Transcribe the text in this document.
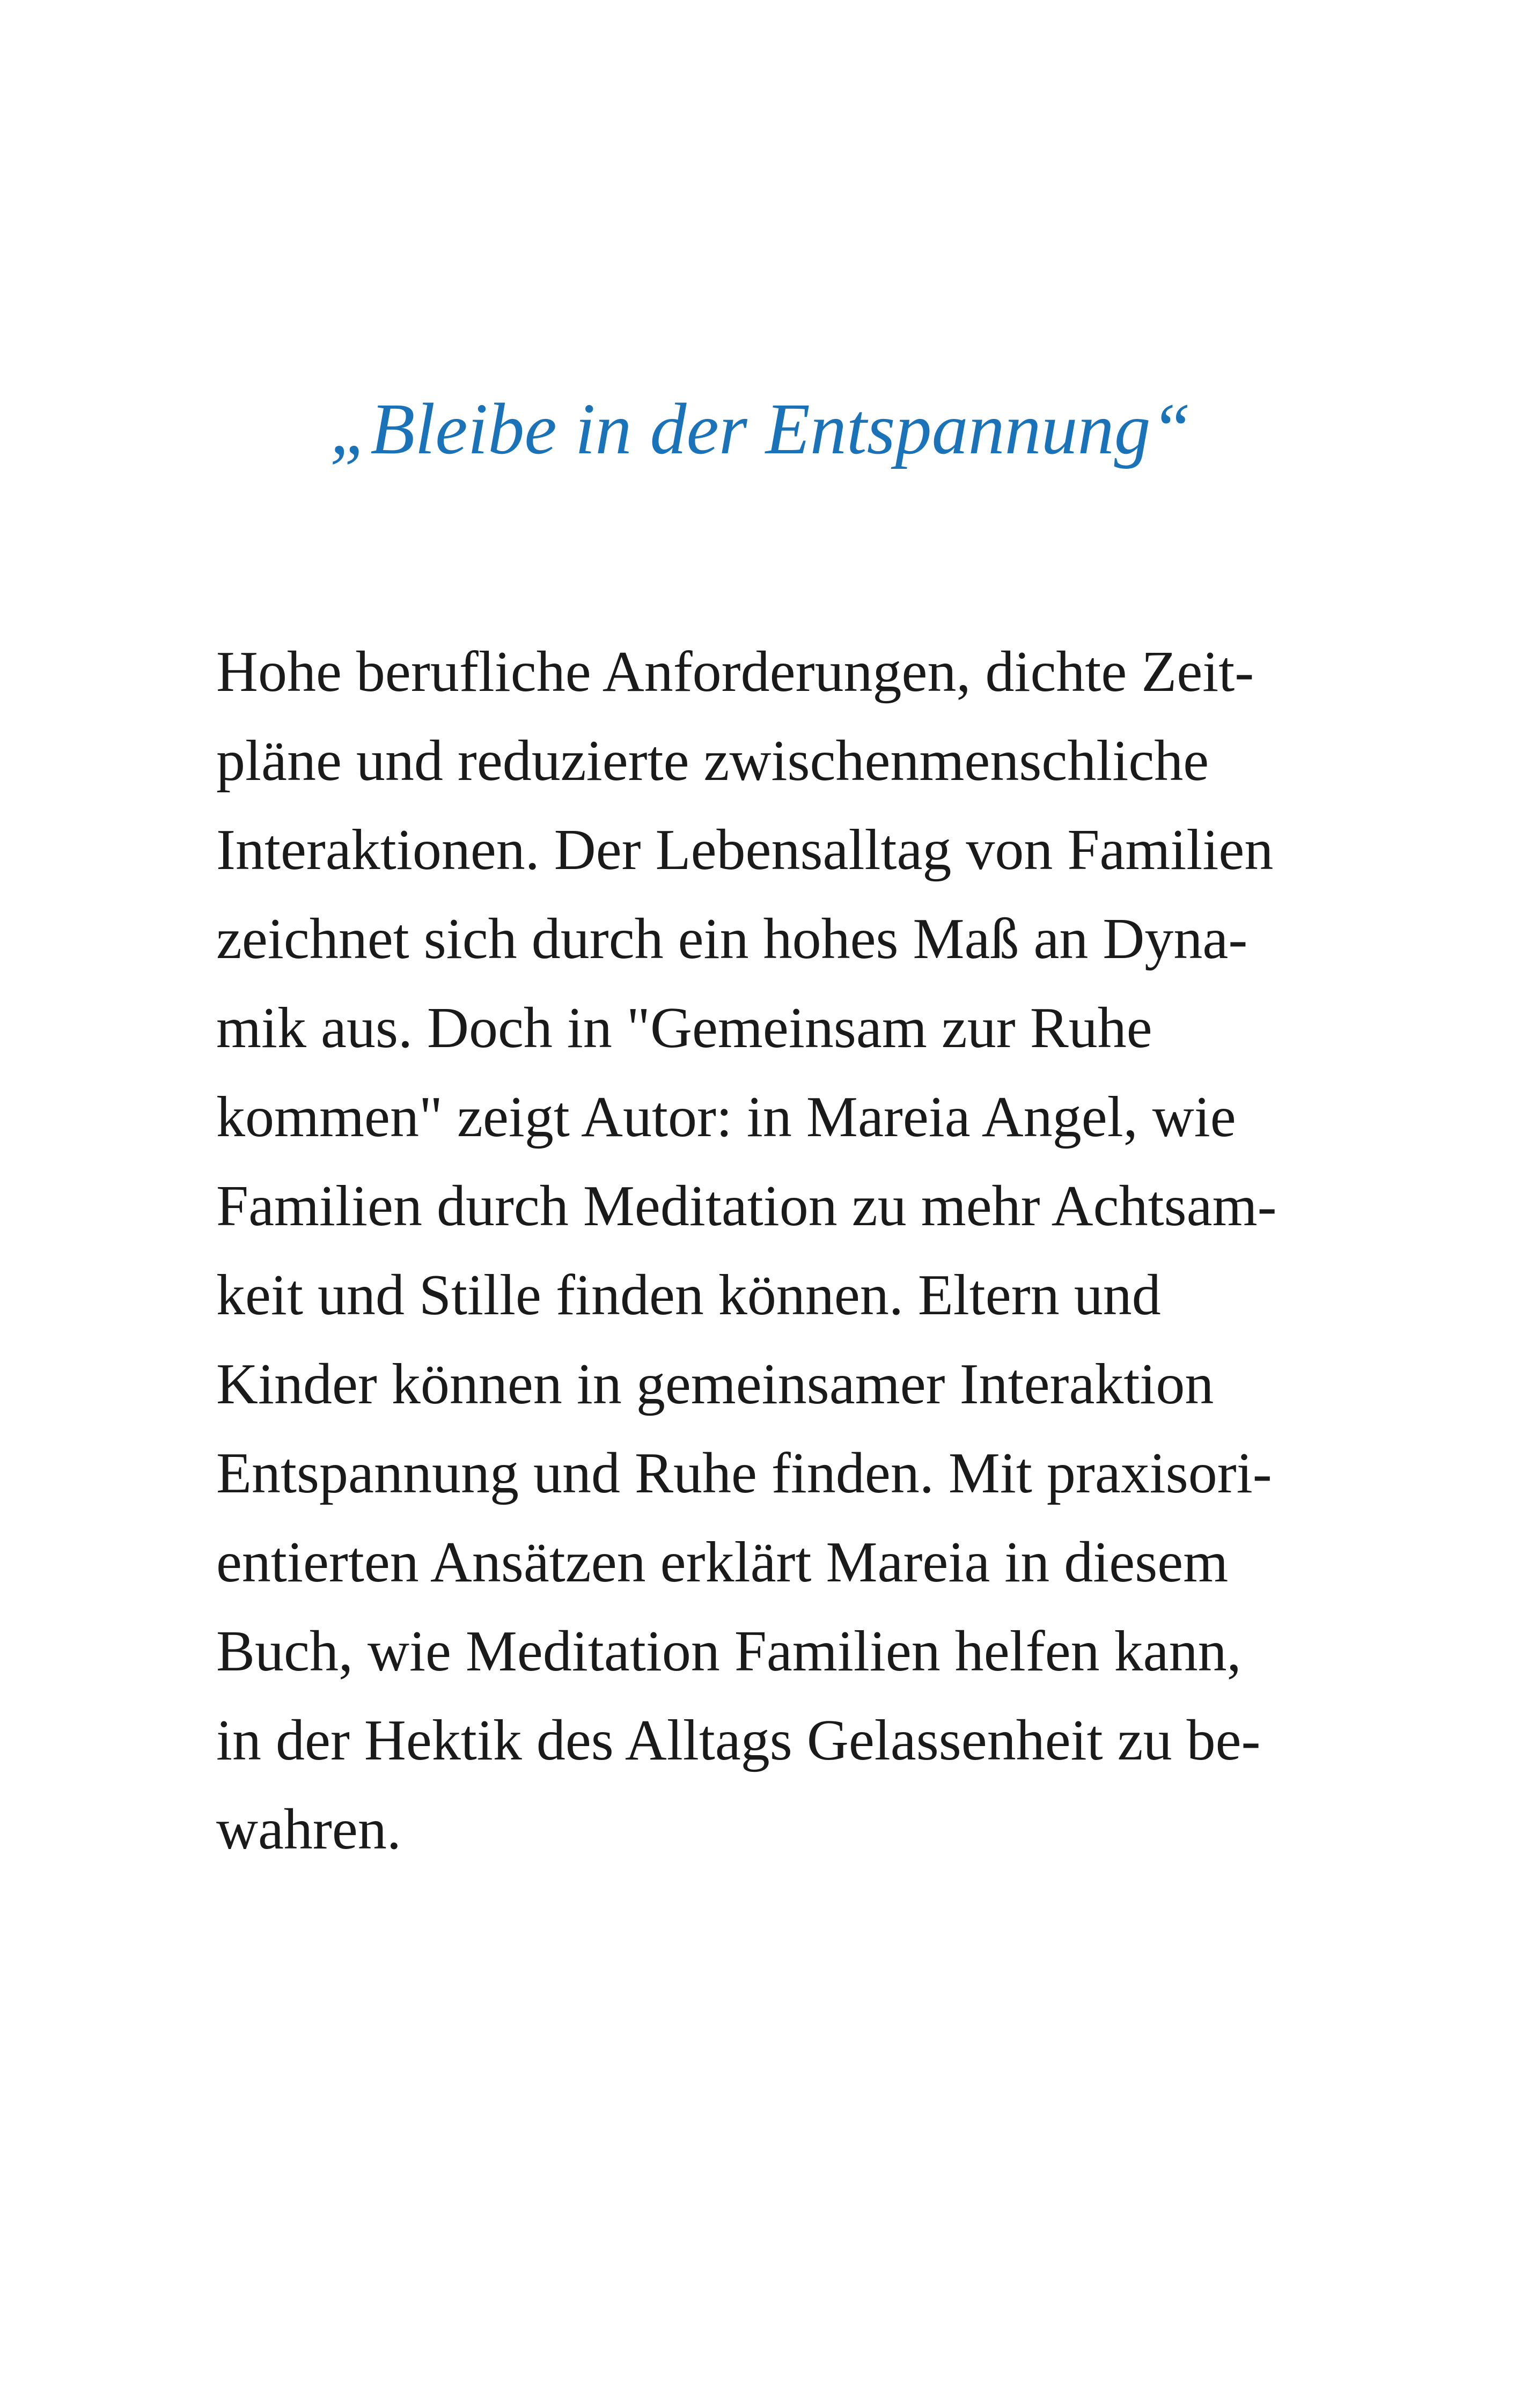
„Bleibe in der Entspannung“
Hohe berufliche Anforderungen, dichte Zeit-
pläne und reduzierte zwischenmenschliche
Interaktionen. Der Lebensalltag von Familien
zeichnet sich durch ein hohes Maß an Dyna-
mik aus. Doch in "Gemeinsam zur Ruhe
kommen" zeigt Autor: in Mareia Angel, wie
Familien durch Meditation zu mehr Achtsam-
keit und Stille finden können. Eltern und
Kinder können in gemeinsamer Interaktion
Entspannung und Ruhe finden. Mit praxisori-
entierten Ansätzen erklärt Mareia in diesem
Buch, wie Meditation Familien helfen kann,
in der Hektik des Alltags Gelassenheit zu be-
wahren.
